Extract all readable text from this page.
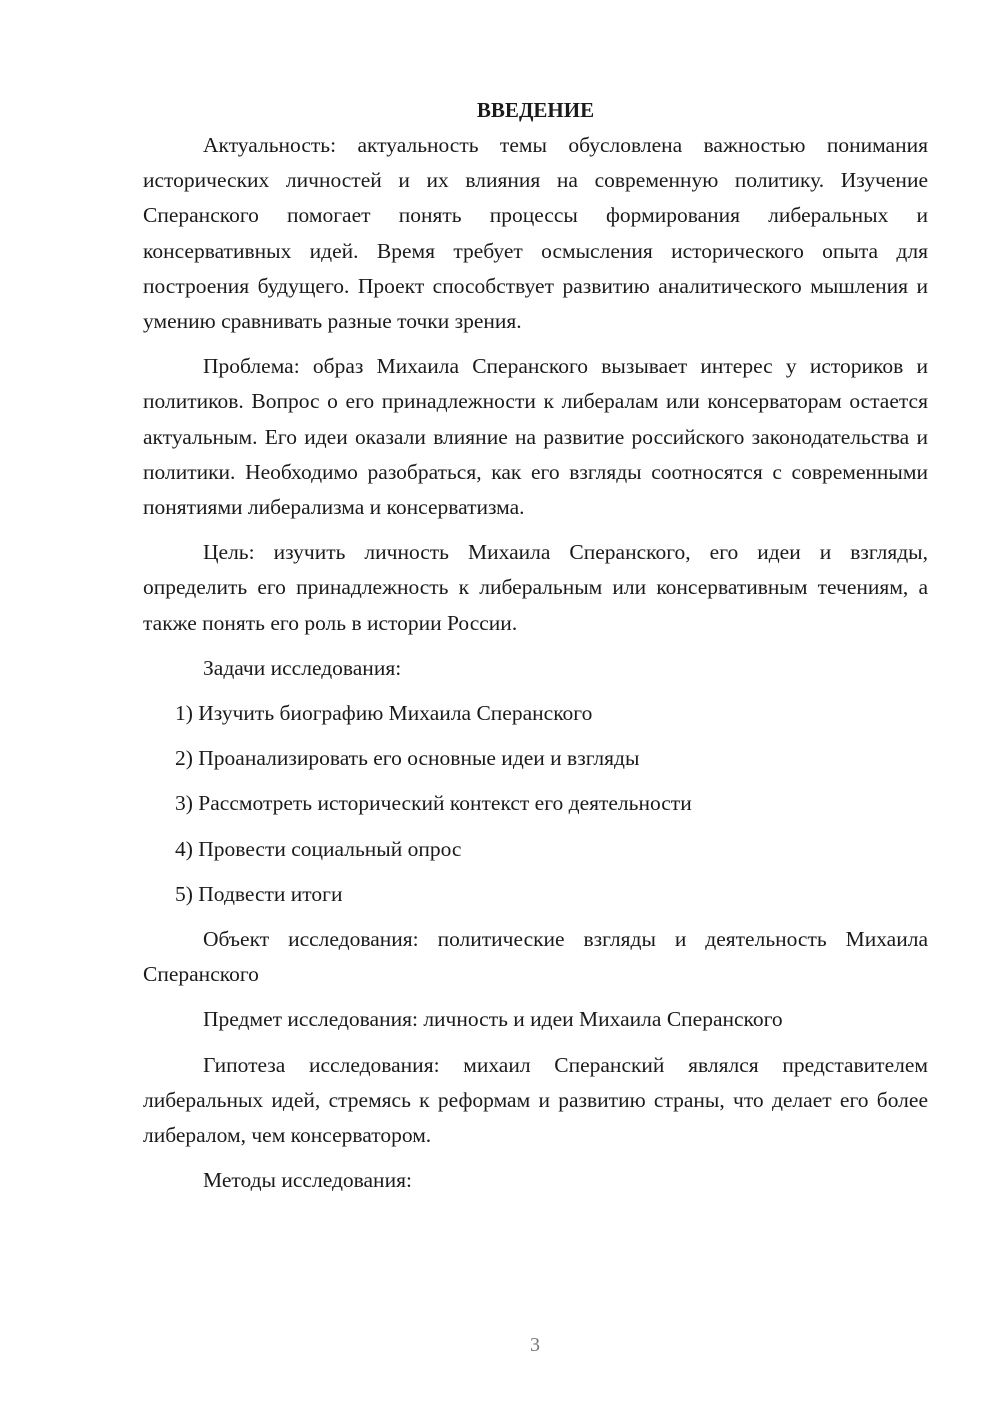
ВВЕДЕНИЕ

Актуальность: актуальность темы обусловлена важностью понимания исторических личностей и их влияния на современную политику. Изучение Сперанского помогает понять процессы формирования либеральных и консервативных идей. Время требует осмысления исторического опыта для построения будущего. Проект способствует развитию аналитического мышления и умению сравнивать разные точки зрения.

Проблема: образ Михаила Сперанского вызывает интерес у историков и политиков. Вопрос о его принадлежности к либералам или консерваторам остается актуальным. Его идеи оказали влияние на развитие российского законодательства и политики. Необходимо разобраться, как его взгляды соотносятся с современными понятиями либерализма и консерватизма.

Цель: изучить личность Михаила Сперанского, его идеи и взгляды, определить его принадлежность к либеральным или консервативным течениям, а также понять его роль в истории России.

Задачи исследования:

1) Изучить биографию Михаила Сперанского

2) Проанализировать его основные идеи и взгляды

3) Рассмотреть исторический контекст его деятельности

4) Провести социальный опрос

5) Подвести итоги

Объект исследования: политические взгляды и деятельность Михаила Сперанского

Предмет исследования: личность и идеи Михаила Сперанского

Гипотеза исследования: михаил Сперанский являлся представителем либеральных идей, стремясь к реформам и развитию страны, что делает его более либералом, чем консерватором.

Методы исследования:

3
